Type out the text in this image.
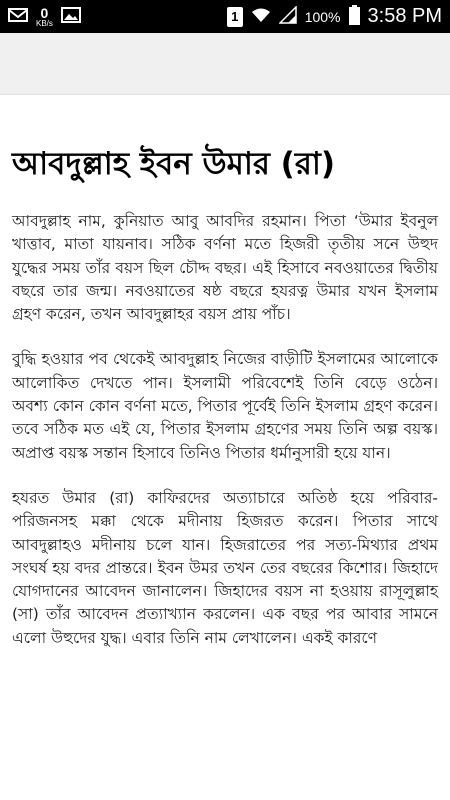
0
KB/s	1	100% 3:58 PM
আবদুল্লাহ ইবন উমার (রা)

আবদুল্লাহ নাম, কুনিয়াত আবু আবদির রহমান। পিতা ‘উমার ইবনুল খাত্তাব, মাতা যায়নাব। সঠিক বর্ণনা মতে হিজরী তৃতীয় সনে উহুদ যুদ্ধের সময় তাঁর বয়স ছিল চৌদ্দ বছর। এই হিসাবে নবওয়াতের দ্বিতীয় বছরে তার জন্ম। নবওয়াতের ষষ্ঠ বছরে হযরত্ন উমার যখন ইসলাম গ্রহণ করেন, তখন আবদুল্লাহর বয়স প্রায় পাঁচ।

বুদ্ধি হওয়ার পব থেকেই আবদুল্লাহ নিজের বাড়ীটি ইসলামের আলোকে আলোকিত দেখতে পান। ইসলামী পরিবেশেই তিনি বেড়ে ওঠেন। অবশ্য কোন কোন বর্ণনা মতে, পিতার পূর্বেই তিনি ইসলাম গ্রহণ করেন। তবে সঠিক মত এই যে, পিতার ইসলাম গ্রহণের সময় তিনি অল্প বয়স্ক। অপ্রাপ্ত বয়স্ক সন্তান হিসাবে তিনিও পিতার ধর্মানুসারী হয়ে যান।

হযরত উমার (রা) কাফিরদের অত্যাচারে অতিষ্ঠ হয়ে পরিবার-পরিজনসহ মক্কা থেকে মদীনায় হিজরত করেন। পিতার সাথে আবদুল্লাহও মদীনায় চলে যান। হিজরাতের পর সত্য-মিথ্যার প্রথম সংঘর্ষ হয় বদর প্রান্তরে। ইবন উমর তখন তের বছরের কিশোর। জিহাদে যোগদানের আবেদন জানালেন। জিহাদের বয়স না হওয়ায় রাসূলুল্লাহ (সা) তাঁর আবেদন প্রত্যাখ্যান করলেন। এক বছর পর আবার সামনে এলো উহুদের যুদ্ধ। এবার তিনি নাম লেখালেন। একই কারণে
